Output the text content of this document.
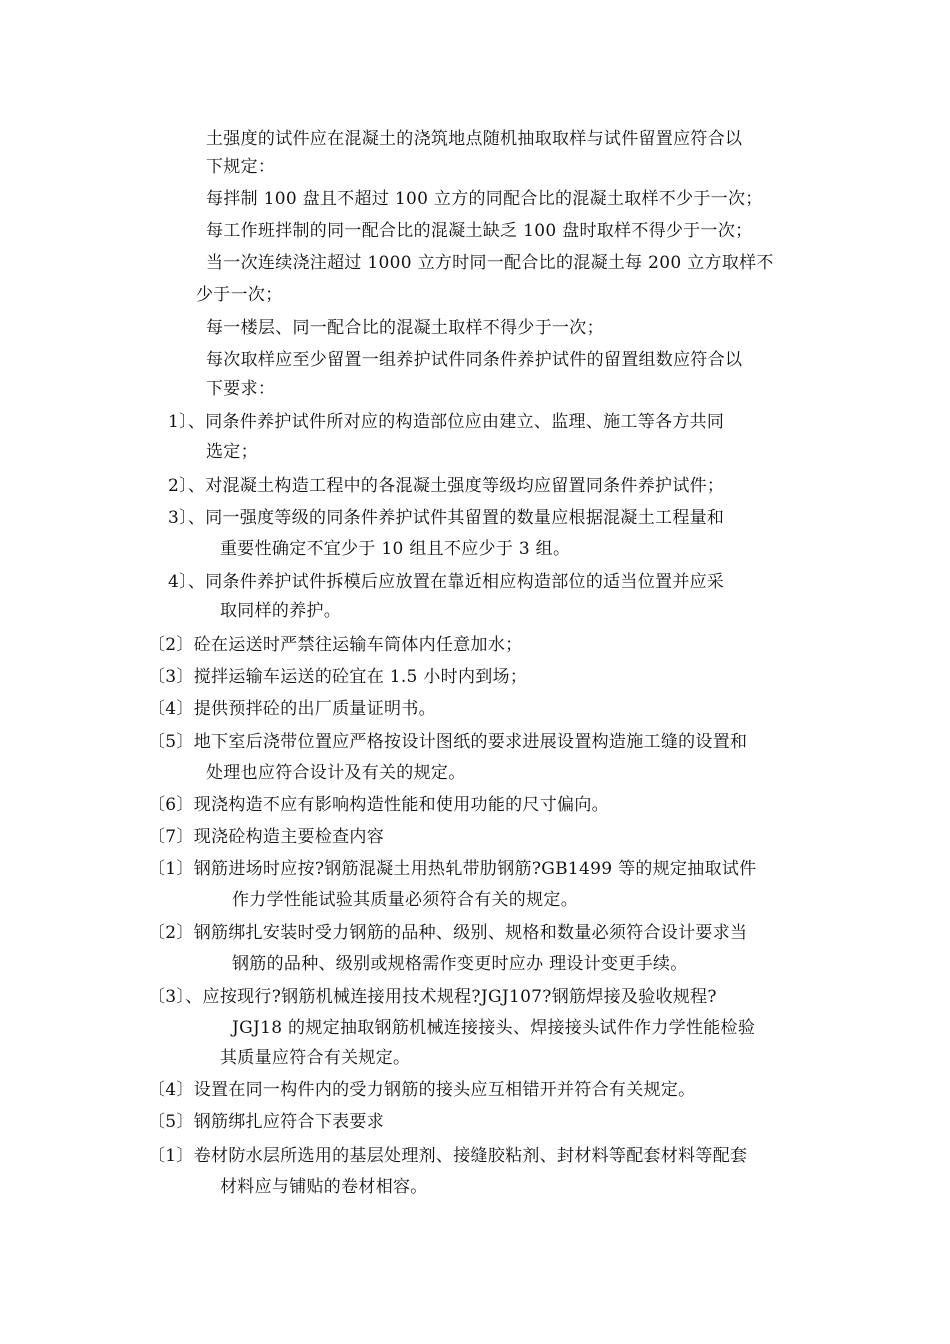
土强度的试件应在混凝土的浇筑地点随机抽取取样与试件留置应符合以
下规定：
每拌制 100 盘且不超过 100 立方的同配合比的混凝土取样不少于一次；
每工作班拌制的同一配合比的混凝土缺乏 100 盘时取样不得少于一次；
当一次连续浇注超过 1000 立方时同一配合比的混凝土每 200 立方取样不
少于一次；
每一楼层、同一配合比的混凝土取样不得少于一次；
每次取样应至少留置一组养护试件同条件养护试件的留置组数应符合以
下要求：
1〕、同条件养护试件所对应的构造部位应由建立、监理、施工等各方共同
选定；
2〕、对混凝土构造工程中的各混凝土强度等级均应留置同条件养护试件；
3〕、同一强度等级的同条件养护试件其留置的数量应根据混凝土工程量和
重要性确定不宜少于 10 组且不应少于 3 组。
4〕、同条件养护试件拆模后应放置在靠近相应构造部位的适当位置并应采
取同样的养护。
〔2〕砼在运送时严禁往运输车筒体内任意加水；
〔3〕搅拌运输车运送的砼宜在 1.5 小时内到场；
〔4〕提供预拌砼的出厂质量证明书。
〔5〕地下室后浇带位置应严格按设计图纸的要求进展设置构造施工缝的设置和
处理也应符合设计及有关的规定。
〔6〕现浇构造不应有影响构造性能和使用功能的尺寸偏向。
〔7〕现浇砼构造主要检查内容
〔1〕钢筋进场时应按?钢筋混凝土用热轧带肋钢筋?GB1499 等的规定抽取试件
作力学性能试验其质量必须符合有关的规定。
〔2〕钢筋绑扎安装时受力钢筋的品种、级别、规格和数量必须符合设计要求当
钢筋的品种、级别或规格需作变更时应办 理设计变更手续。
〔3〕、应按现行?钢筋机械连接用技术规程?JGJ107?钢筋焊接及验收规程?
JGJ18 的规定抽取钢筋机械连接接头、焊接接头试件作力学性能检验
其质量应符合有关规定。
〔4〕设置在同一构件内的受力钢筋的接头应互相错开并符合有关规定。
〔5〕钢筋绑扎应符合下表要求
〔1〕卷材防水层所选用的基层处理剂、接缝胶粘剂、封材料等配套材料等配套
材料应与铺贴的卷材相容。
